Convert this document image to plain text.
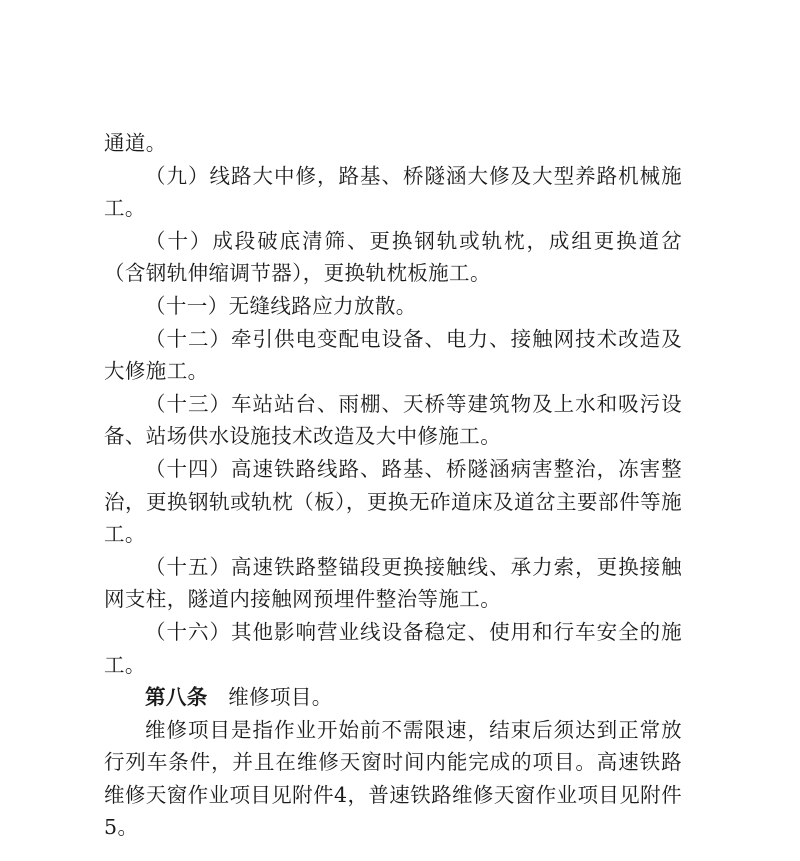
通道。

（九）线路大中修，路基、桥隧涵大修及大型养路机械施工。

（十）成段破底清筛、更换钢轨或轨枕，成组更换道岔（含钢轨伸缩调节器），更换轨枕板施工。

（十一）无缝线路应力放散。

（十二）牵引供电变配电设备、电力、接触网技术改造及大修施工。

（十三）车站站台、雨棚、天桥等建筑物及上水和吸污设备、站场供水设施技术改造及大中修施工。

（十四）高速铁路线路、路基、桥隧涵病害整治，冻害整治，更换钢轨或轨枕（板），更换无砟道床及道岔主要部件等施工。

（十五）高速铁路整锚段更换接触线、承力索，更换接触网支柱，隧道内接触网预埋件整治等施工。

（十六）其他影响营业线设备稳定、使用和行车安全的施工。

第八条 维修项目。

维修项目是指作业开始前不需限速，结束后须达到正常放行列车条件，并且在维修天窗时间内能完成的项目。高速铁路维修天窗作业项目见附件4，普速铁路维修天窗作业项目见附件5。
